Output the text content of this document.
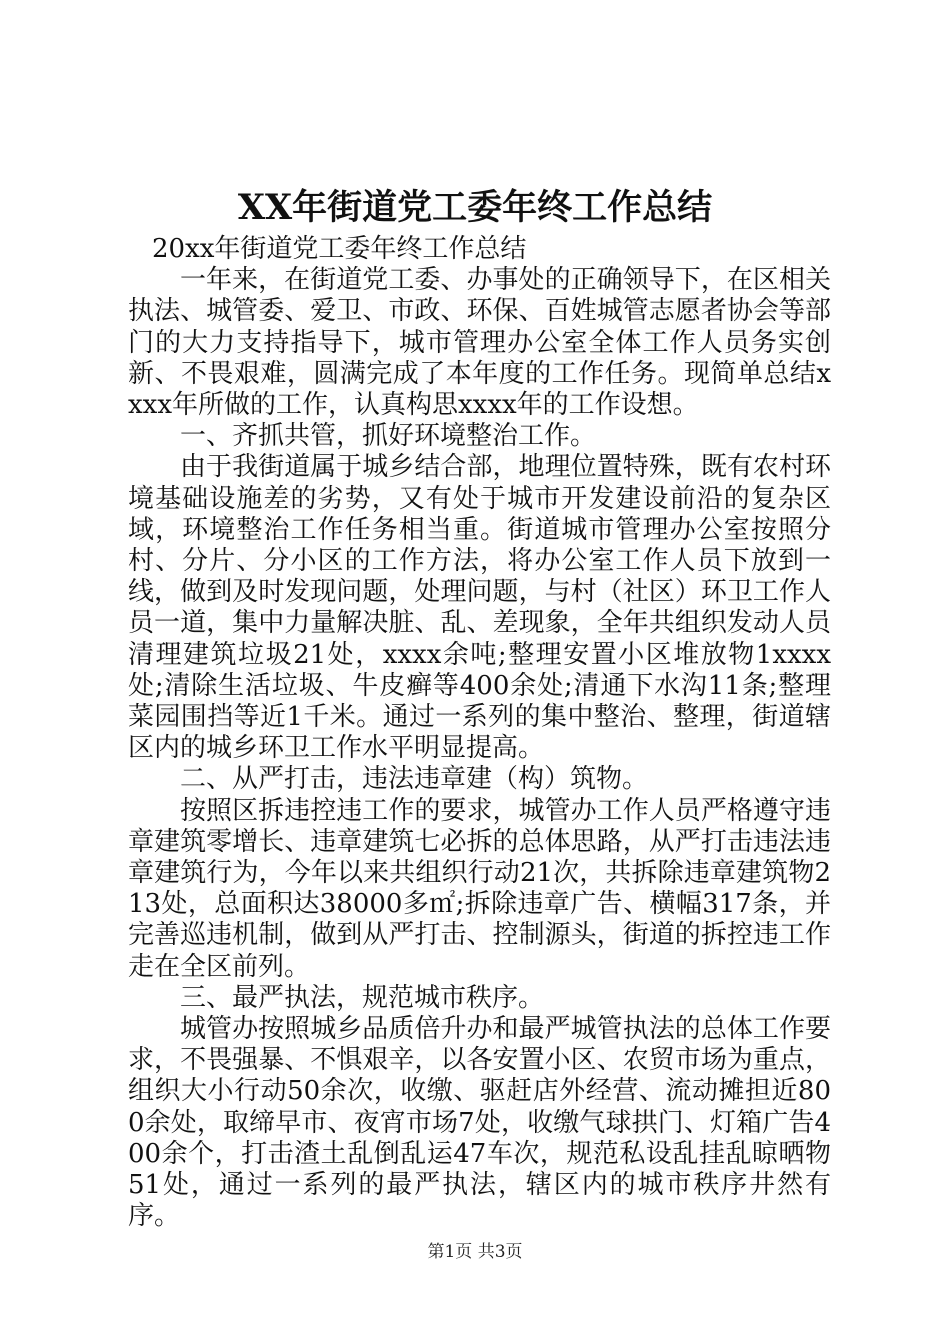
XX年街道党工委年终工作总结

20xx年街道党工委年终工作总结

一年来，在街道党工委、办事处的正确领导下，在区相关执法、城管委、爱卫、市政、环保、百姓城管志愿者协会等部门的大力支持指导下，城市管理办公室全体工作人员务实创新、不畏艰难，圆满完成了本年度的工作任务。现简单总结xxxx年所做的工作，认真构思xxxx年的工作设想。

一、齐抓共管，抓好环境整治工作。

由于我街道属于城乡结合部，地理位置特殊，既有农村环境基础设施差的劣势，又有处于城市开发建设前沿的复杂区域，环境整治工作任务相当重。街道城市管理办公室按照分村、分片、分小区的工作方法，将办公室工作人员下放到一线，做到及时发现问题，处理问题，与村（社区）环卫工作人员一道，集中力量解决脏、乱、差现象，全年共组织发动人员清理建筑垃圾21处，xxxx余吨;整理安置小区堆放物1xxxx处;清除生活垃圾、牛皮癣等400余处;清通下水沟11条;整理菜园围挡等近1千米。通过一系列的集中整治、整理，街道辖区内的城乡环卫工作水平明显提高。

二、从严打击，违法违章建（构）筑物。

按照区拆违控违工作的要求，城管办工作人员严格遵守违章建筑零增长、违章建筑七必拆的总体思路，从严打击违法违章建筑行为，今年以来共组织行动21次，共拆除违章建筑物213处，总面积达38000多㎡;拆除违章广告、横幅317条，并完善巡违机制，做到从严打击、控制源头，街道的拆控违工作走在全区前列。

三、最严执法，规范城市秩序。

城管办按照城乡品质倍升办和最严城管执法的总体工作要求，不畏强暴、不惧艰辛，以各安置小区、农贸市场为重点，组织大小行动50余次，收缴、驱赶店外经营、流动摊担近800余处，取缔早市、夜宵市场7处，收缴气球拱门、灯箱广告400余个，打击渣土乱倒乱运47车次，规范私设乱挂乱晾晒物51处，通过一系列的最严执法，辖区内的城市秩序井然有序。

第1页 共3页
